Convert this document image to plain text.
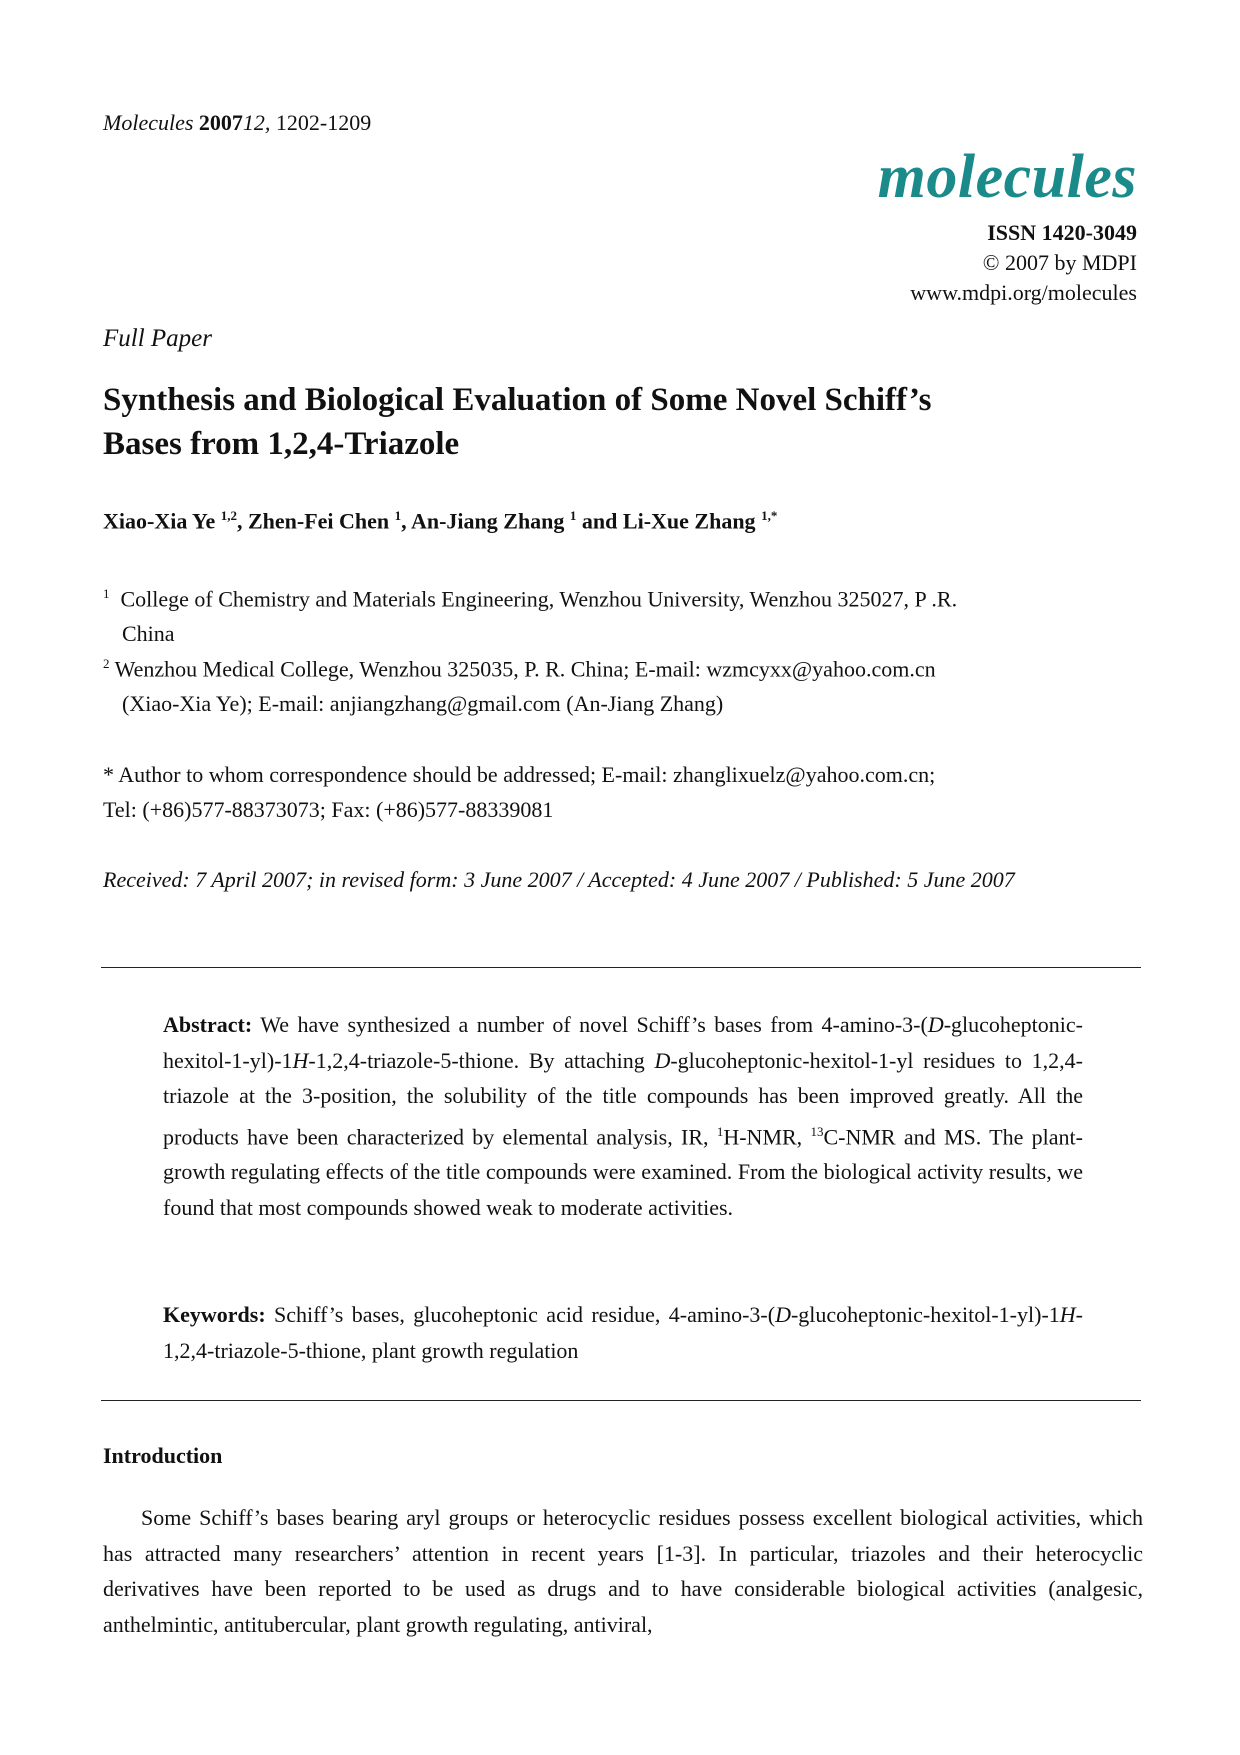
Molecules 200712, 1202-1209
molecules
ISSN 1420-3049
© 2007 by MDPI
www.mdpi.org/molecules
Full Paper
Synthesis and Biological Evaluation of Some Novel Schiff’s
Bases from 1,2,4-Triazole
Xiao-Xia Ye $^{1,2}$, Zhen-Fei Chen $^1$, An-Jiang Zhang $^1$ and Li-Xue Zhang $^{1,*}$
$^1$ College of Chemistry and Materials Engineering, Wenzhou University, Wenzhou 325027, P .R.
China
$^2$ Wenzhou Medical College, Wenzhou 325035, P. R. China; E-mail: wzmcyxx@yahoo.com.cn
(Xiao-Xia Ye); E-mail: anjiangzhang@gmail.com (An-Jiang Zhang)
* Author to whom correspondence should be addressed; E-mail: zhanglixuelz@yahoo.com.cn;
Tel: (+86)577-88373073; Fax: (+86)577-88339081
Received: 7 April 2007; in revised form: 3 June 2007 / Accepted: 4 June 2007 / Published: 5 June 2007
Abstract: We have synthesized a number of novel Schiff’s bases from 4-amino-3-(D-glucoheptonic-hexitol-1-yl)-1H-1,2,4-triazole-5-thione. By attaching D-glucoheptonic-hexitol-1-yl residues to 1,2,4-triazole at the 3-position, the solubility of the title compounds has been improved greatly. All the products have been characterized by elemental analysis, IR, $^1$H-NMR, $^{13}$C-NMR and MS. The plant-growth regulating effects of the title compounds were examined. From the biological activity results, we found that most compounds showed weak to moderate activities.
Keywords: Schiff’s bases, glucoheptonic acid residue, 4-amino-3-(D-glucoheptonic-hexitol-1-yl)-1H-1,2,4-triazole-5-thione, plant growth regulation
Introduction
Some Schiff’s bases bearing aryl groups or heterocyclic residues possess excellent biological activities, which has attracted many researchers’ attention in recent years [1-3]. In particular, triazoles and their heterocyclic derivatives have been reported to be used as drugs and to have considerable biological activities (analgesic, anthelmintic, antitubercular, plant growth regulating, antiviral,
